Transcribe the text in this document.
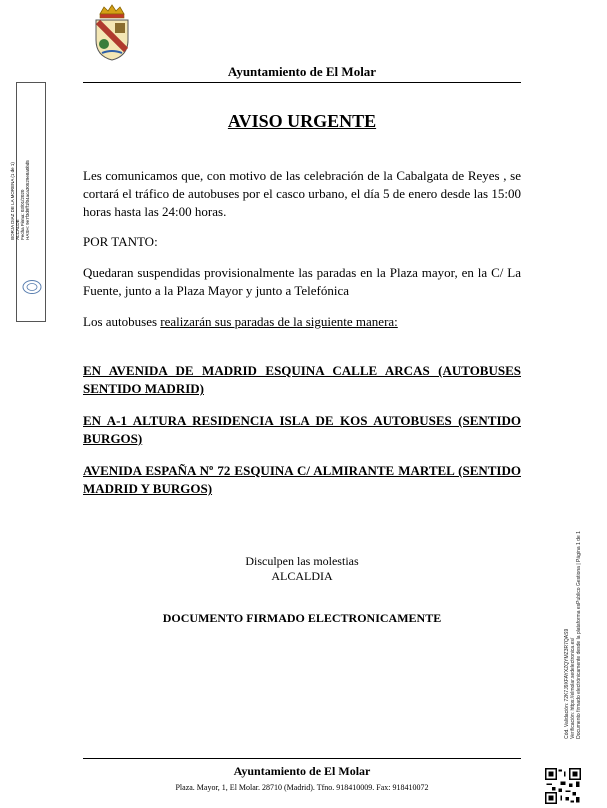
Ayuntamiento de El Molar
AVISO URGENTE
Les comunicamos que, con motivo de las celebración de la Cabalgata de Reyes , se cortará el tráfico de autobuses por el casco urbano, el día 5 de enero desde las 15:00 horas hasta las 24:00 horas.
POR TANTO:
Quedaran suspendidas provisionalmente las paradas en la Plaza mayor, en la C/ La Fuente, junto a la Plaza Mayor y junto a Telefónica
Los autobuses realizarán sus paradas de la siguiente manera:
EN AVENIDA DE MADRID ESQUINA CALLE ARCAS (AUTOBUSES SENTIDO MADRID)
EN A-1 ALTURA RESIDENCIA ISLA DE KOS AUTOBUSES (SENTIDO BURGOS)
AVENIDA ESPAÑA Nº 72 ESQUINA C/ ALMIRANTE MARTEL (SENTIDO MADRID Y BURGOS)
Disculpen las molestias
ALCALDIA
DOCUMENTO FIRMADO ELECTRONICAMENTE
Ayuntamiento de El Molar
Plaza. Mayor, 1, El Molar. 28710 (Madrid). Tfno. 918410009. Fax: 918410072
BORJA DIAZ DE LA MORENA (1 de 1) ALCALDE Fecha Firma: 03/01/2020 HASH: 9e7f3d9ff1f04aca30529e8a0bd5
Cód. Validación: 72K7J9XFAYXZQYMZ3R7QAS9 Verificación: https://elmolar.sedelectronica.es/ Documento firmado electrónicamente desde la plataforma esPublico Gestiona | Página 1 de 1
